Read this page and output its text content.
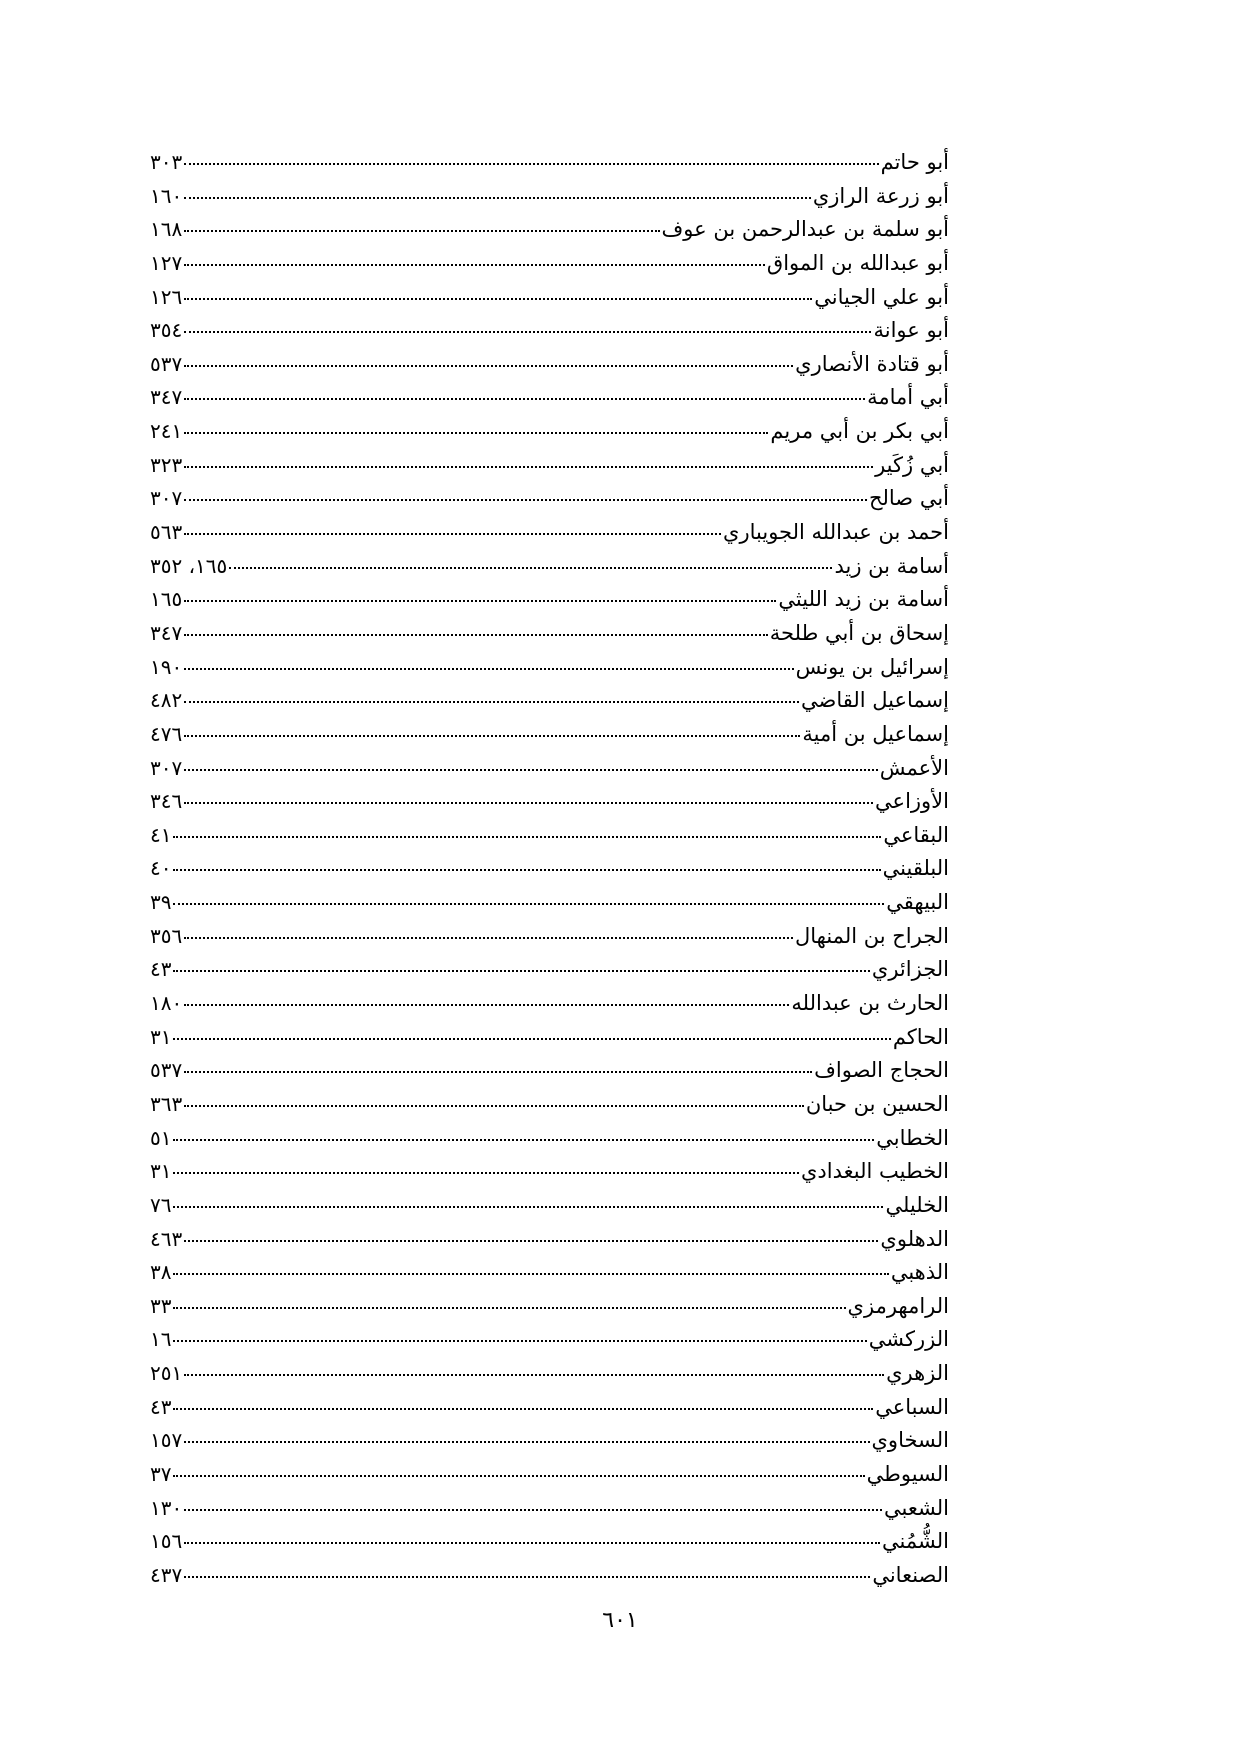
أبو حاتم
٣٠٣
أبو زرعة الرازي
١٦٠
أبو سلمة بن عبدالرحمن بن عوف
١٦٨
أبو عبدالله بن المواق
١٢٧
أبو علي الجياني
١٢٦
أبو عوانة
٣٥٤
أبو قتادة الأنصاري
٥٣٧
أبي أمامة
٣٤٧
أبي بكر بن أبي مريم
٢٤١
أبي زُكَير
٣٢٣
أبي صالح
٣٠٧
أحمد بن عبدالله الجويباري
٥٦٣
أسامة بن زيد
١٦٥، ٣٥٢
أسامة بن زيد الليثي
١٦٥
إسحاق بن أبي طلحة
٣٤٧
إسرائيل بن يونس
١٩٠
إسماعيل القاضي
٤٨٢
إسماعيل بن أمية
٤٧٦
الأعمش
٣٠٧
الأوزاعي
٣٤٦
البقاعي
٤١
البلقيني
٤٠
البيهقي
٣٩
الجراح بن المنهال
٣٥٦
الجزائري
٤٣
الحارث بن عبدالله
١٨٠
الحاكم
٣١
الحجاج الصواف
٥٣٧
الحسين بن حبان
٣٦٣
الخطابي
٥١
الخطيب البغدادي
٣١
الخليلي
٧٦
الدهلوي
٤٦٣
الذهبي
٣٨
الرامهرمزي
٣٣
الزركشي
١٦
الزهري
٢٥١
السباعي
٤٣
السخاوي
١٥٧
السيوطي
٣٧
الشعبي
١٣٠
الشُّمُني
١٥٦
الصنعاني
٤٣٧
٦٠١
